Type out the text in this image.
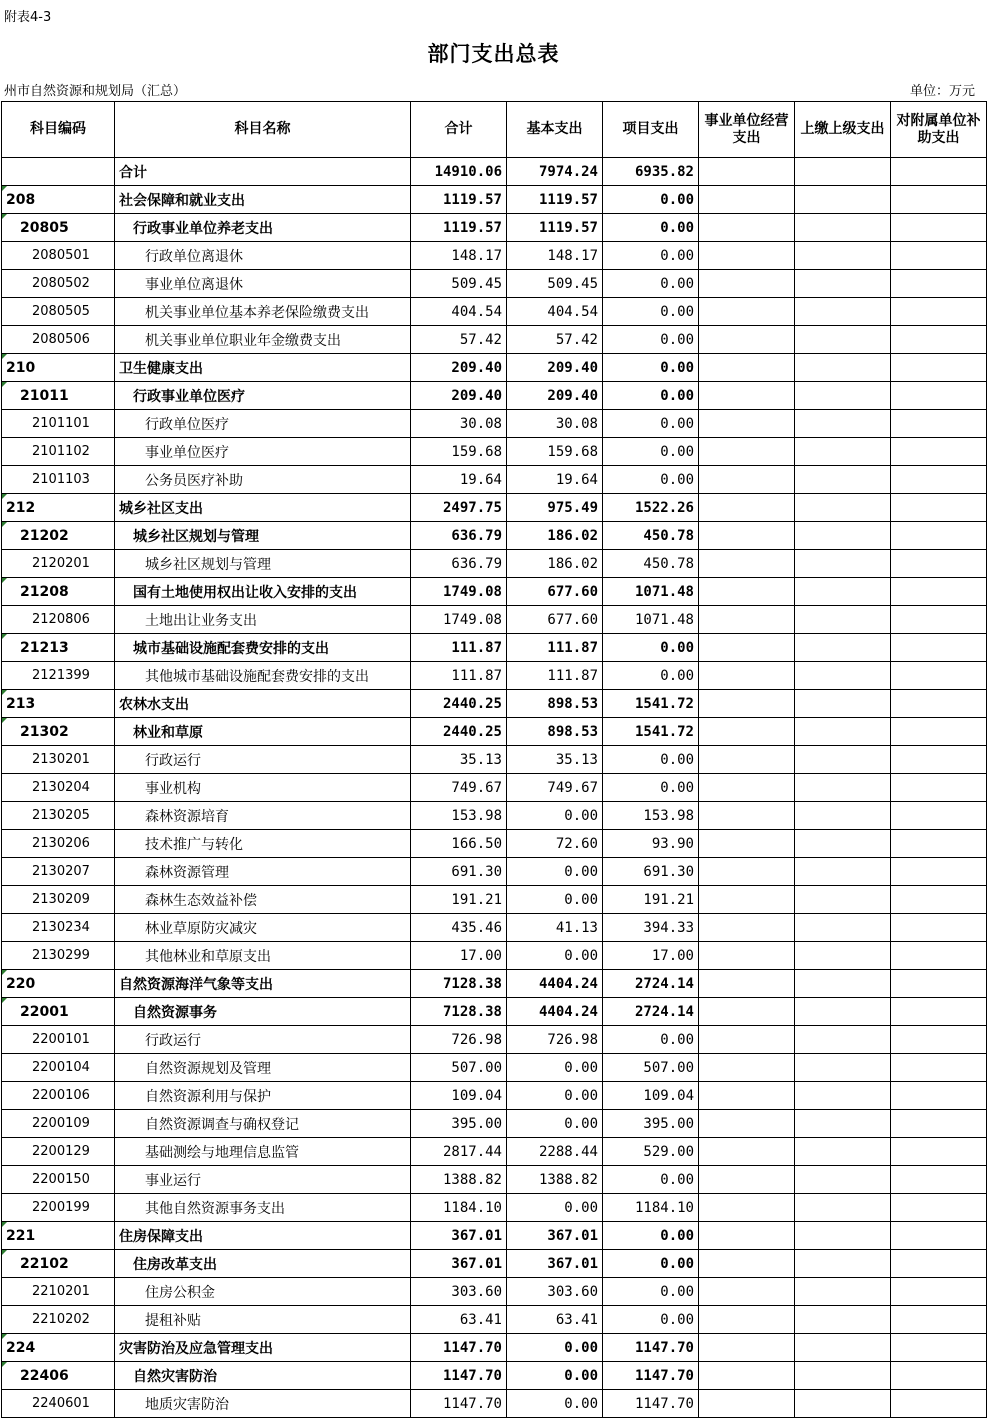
附表4-3
部门支出总表
州市自然资源和规划局（汇总）	单位：万元
科目编码	科目名称	合计	基本支出	项目支出	事业单位经营支出	上缴上级支出	对附属单位补助支出
	合计	14910.06	7974.24	6935.82			

208	社会保障和就业支出	1119.57	1119.57	0.00			

20805	行政事业单位养老支出	1119.57	1119.57	0.00			
2080501	行政单位离退休	148.17	148.17	0.00			
2080502	事业单位离退休	509.45	509.45	0.00			
2080505	机关事业单位基本养老保险缴费支出	404.54	404.54	0.00			
2080506	机关事业单位职业年金缴费支出	57.42	57.42	0.00			

210	卫生健康支出	209.40	209.40	0.00			

21011	行政事业单位医疗	209.40	209.40	0.00			
2101101	行政单位医疗	30.08	30.08	0.00			
2101102	事业单位医疗	159.68	159.68	0.00			
2101103	公务员医疗补助	19.64	19.64	0.00			

212	城乡社区支出	2497.75	975.49	1522.26			

21202	城乡社区规划与管理	636.79	186.02	450.78			
2120201	城乡社区规划与管理	636.79	186.02	450.78			

21208	国有土地使用权出让收入安排的支出	1749.08	677.60	1071.48			
2120806	土地出让业务支出	1749.08	677.60	1071.48			

21213	城市基础设施配套费安排的支出	111.87	111.87	0.00			
2121399	其他城市基础设施配套费安排的支出	111.87	111.87	0.00			

213	农林水支出	2440.25	898.53	1541.72			

21302	林业和草原	2440.25	898.53	1541.72			
2130201	行政运行	35.13	35.13	0.00			
2130204	事业机构	749.67	749.67	0.00			
2130205	森林资源培育	153.98	0.00	153.98			
2130206	技术推广与转化	166.50	72.60	93.90			
2130207	森林资源管理	691.30	0.00	691.30			
2130209	森林生态效益补偿	191.21	0.00	191.21			
2130234	林业草原防灾减灾	435.46	41.13	394.33			
2130299	其他林业和草原支出	17.00	0.00	17.00			

220	自然资源海洋气象等支出	7128.38	4404.24	2724.14			

22001	自然资源事务	7128.38	4404.24	2724.14			
2200101	行政运行	726.98	726.98	0.00			
2200104	自然资源规划及管理	507.00	0.00	507.00			
2200106	自然资源利用与保护	109.04	0.00	109.04			
2200109	自然资源调查与确权登记	395.00	0.00	395.00			
2200129	基础测绘与地理信息监管	2817.44	2288.44	529.00			
2200150	事业运行	1388.82	1388.82	0.00			
2200199	其他自然资源事务支出	1184.10	0.00	1184.10			

221	住房保障支出	367.01	367.01	0.00			

22102	住房改革支出	367.01	367.01	0.00			
2210201	住房公积金	303.60	303.60	0.00			
2210202	提租补贴	63.41	63.41	0.00			

224	灾害防治及应急管理支出	1147.70	0.00	1147.70			

22406	自然灾害防治	1147.70	0.00	1147.70			
2240601	地质灾害防治	1147.70	0.00	1147.70			
